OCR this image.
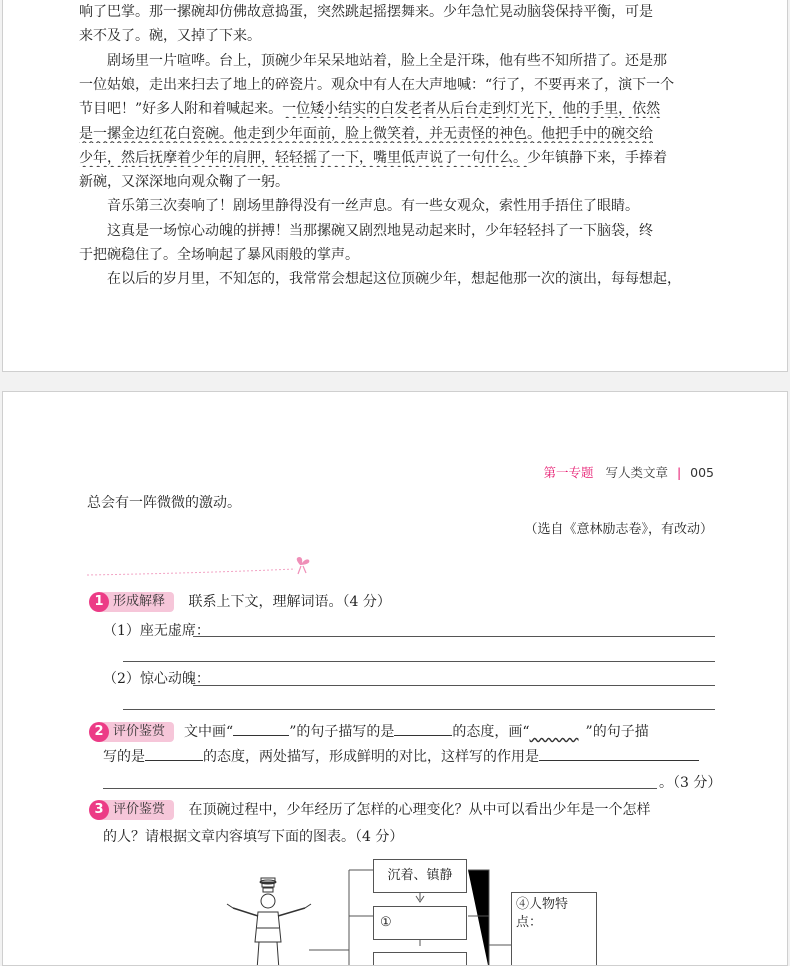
响了巴掌。那一摞碗却仿佛故意捣蛋，突然跳起摇摆舞来。少年急忙晃动脑袋保持平衡，可是
来不及了。碗，又掉了下来。
剧场里一片喧哗。台上，顶碗少年呆呆地站着，脸上全是汗珠，他有些不知所措了。还是那
一位姑娘，走出来扫去了地上的碎瓷片。观众中有人在大声地喊：“行了，不要再来了，演下一个
节目吧！”好多人附和着喊起来。一位矮小结实的白发老者从后台走到灯光下，他的手里，依然
是一摞金边红花白瓷碗。他走到少年面前，脸上微笑着，并无责怪的神色。他把手中的碗交给
少年，然后抚摩着少年的肩胛，轻轻摇了一下，嘴里低声说了一句什么。少年镇静下来，手捧着
新碗，又深深地向观众鞠了一躬。
音乐第三次奏响了！剧场里静得没有一丝声息。有一些女观众，索性用手捂住了眼睛。
这真是一场惊心动魄的拼搏！当那摞碗又剧烈地晃动起来时，少年轻轻抖了一下脑袋，终
于把碗稳住了。全场响起了暴风雨般的掌声。
在以后的岁月里，不知怎的，我常常会想起这位顶碗少年，想起他那一次的演出，每每想起，
第一专题 写人类文章 | 005
总会有一阵微微的激动。
（选自《意林励志卷》，有改动）
1 形成解释	联系上下文，理解词语。（4 分）
（1）座无虚席：
（2）惊心动魄：
2 评价鉴赏	文中画“	”的句子描写的是	的态度，画“       	”的句子描
写的是	的态度，两处描写，形成鲜明的对比，这样写的作用是
。（3 分）
3 评价鉴赏	在顶碗过程中，少年经历了怎样的心理变化？从中可以看出少年是一个怎样
的人？请根据文章内容填写下面的图表。（4 分）
沉着、镇静
①
④人物特点：
